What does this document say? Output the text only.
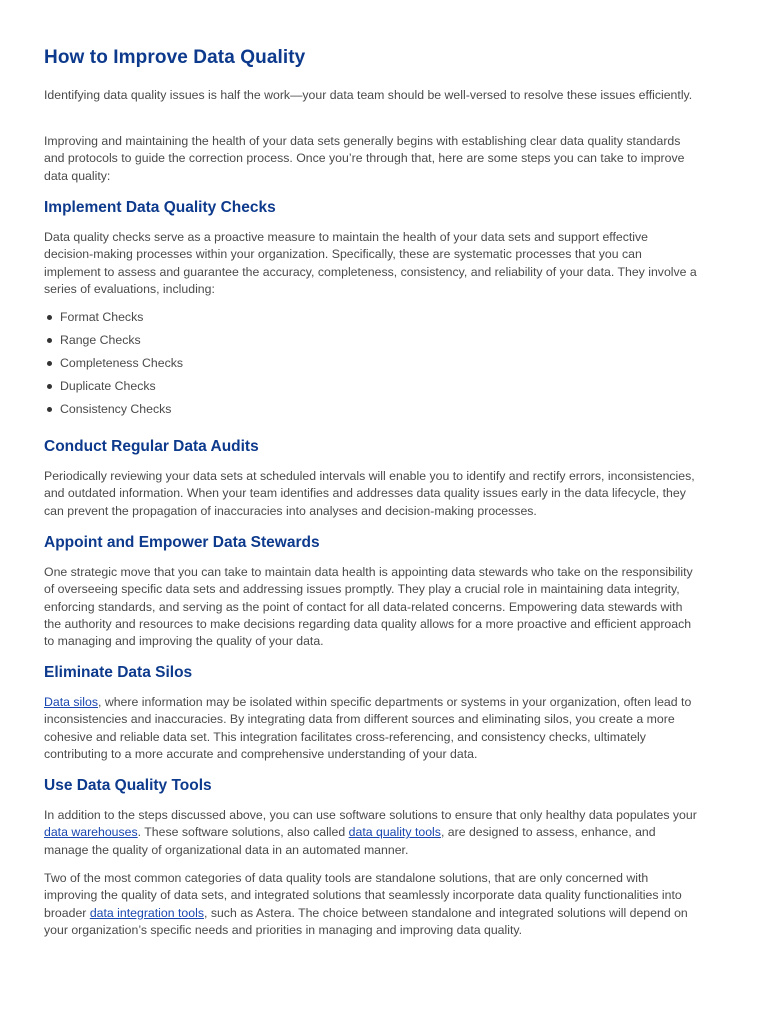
How to Improve Data Quality

Identifying data quality issues is half the work—your data team should be well-versed to resolve these issues efficiently.

Improving and maintaining the health of your data sets generally begins with establishing clear data quality standards and protocols to guide the correction process. Once you’re through that, here are some steps you can take to improve data quality:

Implement Data Quality Checks

Data quality checks serve as a proactive measure to maintain the health of your data sets and support effective decision-making processes within your organization. Specifically, these are systematic processes that you can implement to assess and guarantee the accuracy, completeness, consistency, and reliability of your data. They involve a series of evaluations, including:

Format Checks
Range Checks
Completeness Checks
Duplicate Checks
Consistency Checks
Conduct Regular Data Audits

Periodically reviewing your data sets at scheduled intervals will enable you to identify and rectify errors, inconsistencies, and outdated information. When your team identifies and addresses data quality issues early in the data lifecycle, they can prevent the propagation of inaccuracies into analyses and decision-making processes.

Appoint and Empower Data Stewards

One strategic move that you can take to maintain data health is appointing data stewards who take on the responsibility of overseeing specific data sets and addressing issues promptly. They play a crucial role in maintaining data integrity, enforcing standards, and serving as the point of contact for all data-related concerns. Empowering data stewards with the authority and resources to make decisions regarding data quality allows for a more proactive and efficient approach to managing and improving the quality of your data.

Eliminate Data Silos

Data silos, where information may be isolated within specific departments or systems in your organization, often lead to inconsistencies and inaccuracies. By integrating data from different sources and eliminating silos, you create a more cohesive and reliable data set. This integration facilitates cross-referencing, and consistency checks, ultimately contributing to a more accurate and comprehensive understanding of your data.

Use Data Quality Tools

In addition to the steps discussed above, you can use software solutions to ensure that only healthy data populates your data warehouses. These software solutions, also called data quality tools, are designed to assess, enhance, and manage the quality of organizational data in an automated manner.

Two of the most common categories of data quality tools are standalone solutions, that are only concerned with improving the quality of data sets, and integrated solutions that seamlessly incorporate data quality functionalities into broader data integration tools, such as Astera. The choice between standalone and integrated solutions will depend on your organization’s specific needs and priorities in managing and improving data quality.
